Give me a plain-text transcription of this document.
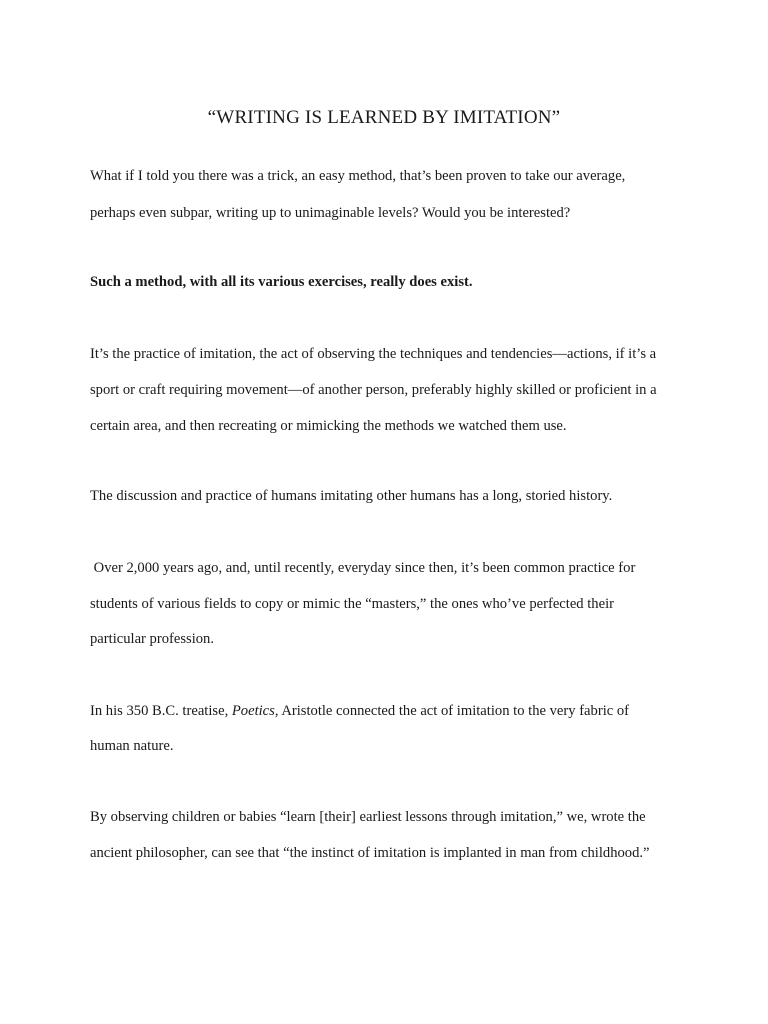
“WRITING IS LEARNED BY IMITATION”
What if I told you there was a trick, an easy method, that’s been proven to take our average,
perhaps even subpar, writing up to unimaginable levels? Would you be interested?
Such a method, with all its various exercises, really does exist.
It’s the practice of imitation, the act of observing the techniques and tendencies—actions, if it’s a
sport or craft requiring movement—of another person, preferably highly skilled or proficient in a
certain area, and then recreating or mimicking the methods we watched them use.
The discussion and practice of humans imitating other humans has a long, storied history.
Over 2,000 years ago, and, until recently, everyday since then, it’s been common practice for
students of various fields to copy or mimic the “masters,” the ones who’ve perfected their
particular profession.
In his 350 B.C. treatise, Poetics, Aristotle connected the act of imitation to the very fabric of
human nature.
By observing children or babies “learn [their] earliest lessons through imitation,” we, wrote the
ancient philosopher, can see that “the instinct of imitation is implanted in man from childhood.”
